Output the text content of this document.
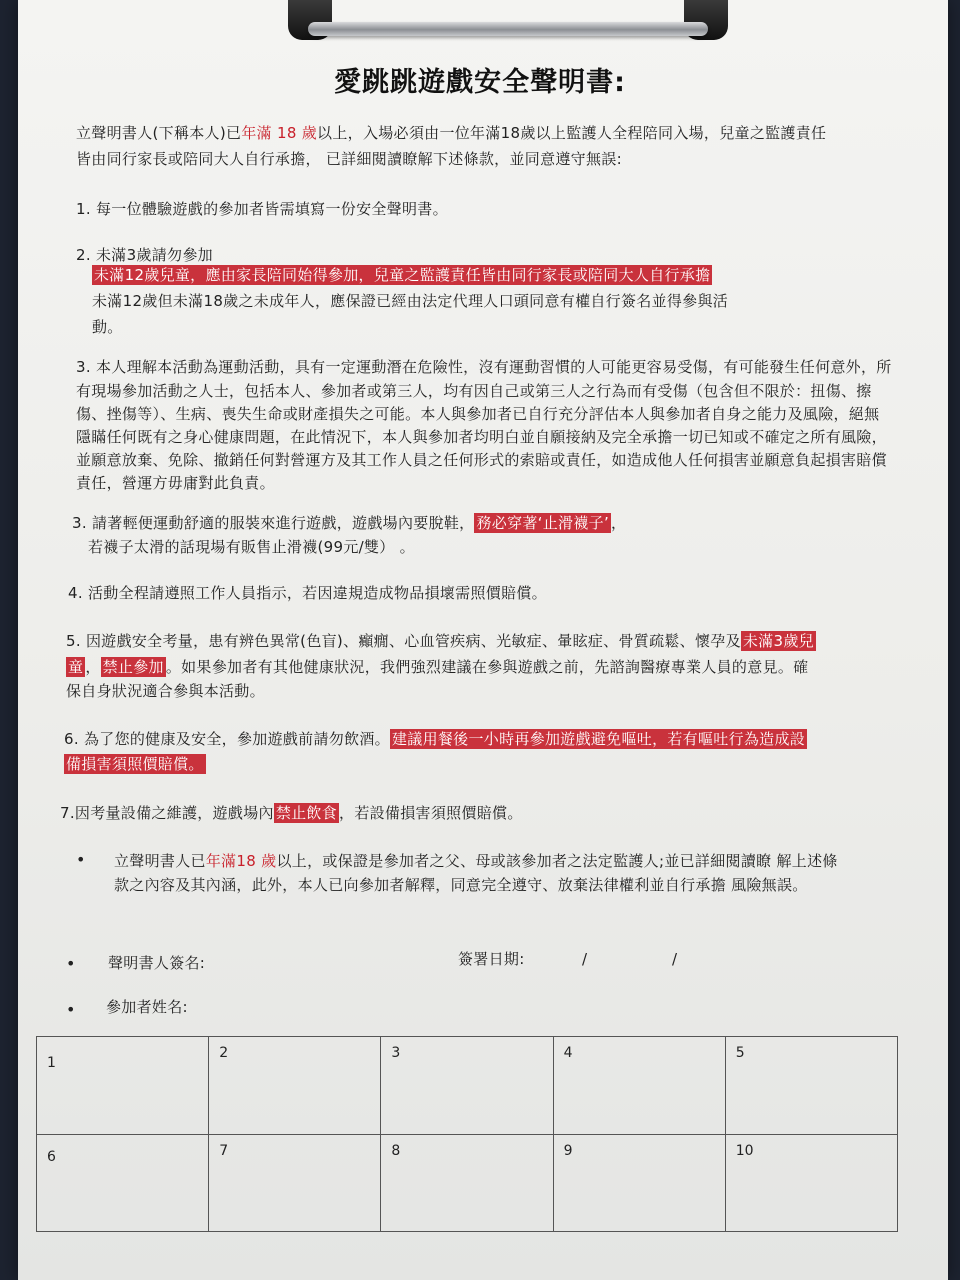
愛跳跳遊戲安全聲明書:

立聲明書人(下稱本人)已年滿 18 歲以上，入場必須由一位年滿18歲以上監護人全程陪同入場，兒童之監護責任

皆由同行家長或陪同大人自行承擔， 已詳細閱讀瞭解下述條款，並同意遵守無誤:

1. 每一位體驗遊戲的參加者皆需填寫一份安全聲明書。

2. 未滿3歲請勿參加

未滿12歲兒童，應由家長陪同始得參加，兒童之監護責任皆由同行家長或陪同大人自行承擔

未滿12歲但未滿18歲之未成年人，應保證已經由法定代理人口頭同意有權自行簽名並得參與活

動。

3. 本人理解本活動為運動活動，具有一定運動潛在危險性，沒有運動習慣的人可能更容易受傷，有可能發生任何意外，所

有現場參加活動之人士，包括本人、參加者或第三人，均有因自己或第三人之行為而有受傷（包含但不限於：扭傷、擦

傷、挫傷等）、生病、喪失生命或財產損失之可能。本人與參加者已自行充分評估本人與參加者自身之能力及風險，絕無

隱瞞任何既有之身心健康問題，在此情況下，本人與參加者均明白並自願接納及完全承擔一切已知或不確定之所有風險，

並願意放棄、免除、撤銷任何對營運方及其工作人員之任何形式的索賠或責任，如造成他人任何損害並願意負起損害賠償

責任，營運方毋庸對此負責。

3. 請著輕便運動舒適的服裝來進行遊戲，遊戲場內要脫鞋， 務必穿著‘止滑襪子’ ，

若襪子太滑的話現場有販售止滑襪(99元/雙） 。

4. 活動全程請遵照工作人員指示，若因違規造成物品損壞需照價賠償。

5. 因遊戲安全考量，患有辨色異常(色盲)、癲癇、心血管疾病、光敏症、暈眩症、骨質疏鬆、懷孕及 未滿3歲兒

童 ， 禁止參加 。如果參加者有其他健康狀況，我們強烈建議在參與遊戲之前，先諮詢醫療專業人員的意見。確

保自身狀況適合參與本活動。

6. 為了您的健康及安全，參加遊戲前請勿飲酒。 建議用餐後一小時再參加遊戲避免嘔吐，若有嘔吐行為造成設

備損害須照價賠償。

7.因考量設備之維護，遊戲場內 禁止飲食 ，若設備損害須照價賠償。

• 立聲明書人已年滿18 歲以上，或保證是參加者之父、母或該參加者之法定監護人;並已詳細閱讀瞭 解上述條

款之內容及其內涵，此外，本人已向參加者解釋，同意完全遵守、放棄法律權利並自行承擔 風險無誤。

• 聲明書人簽名:	簽署日期:	/	/

• 參加者姓名:

1	2	3	4	5
6	7	8	9	10
